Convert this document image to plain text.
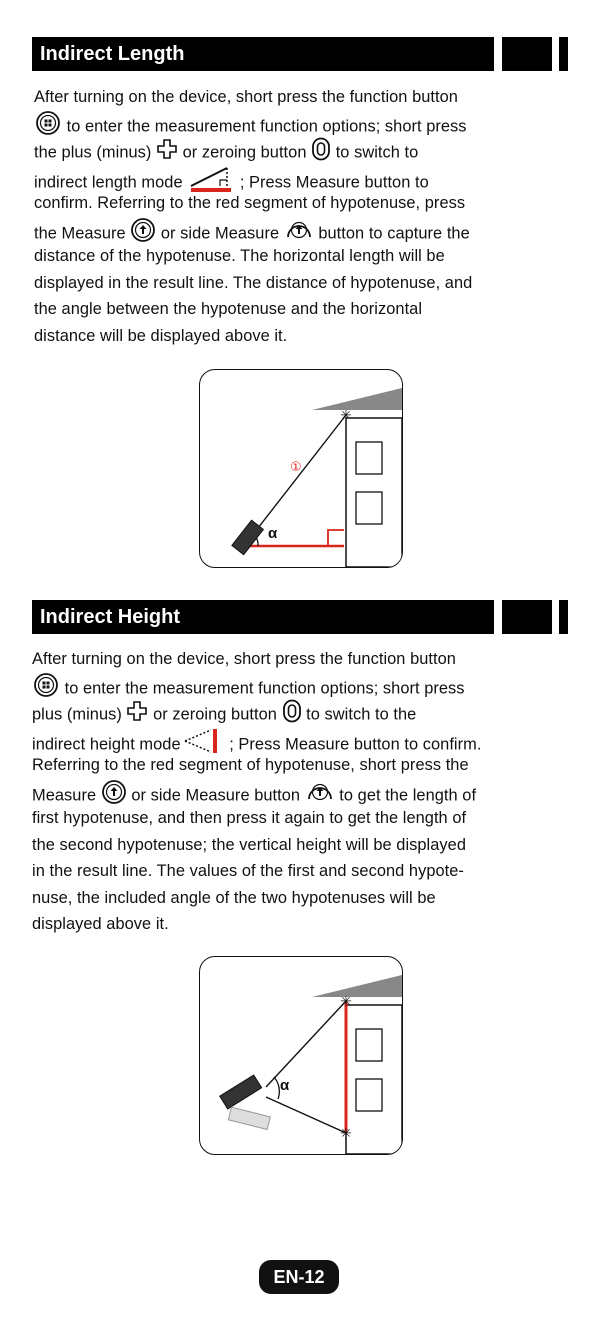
Indirect Length
After turning on the device, short press the function button
to enter the measurement function options; short press
the plus (minus)  or zeroing button  to switch to
indirect length mode	; Press Measure button to
confirm. Referring to the red segment of hypotenuse, press
the Measure  or side Measure  button to capture the
distance of the hypotenuse. The horizontal length will be
displayed in the result line. The distance of hypotenuse, and
the angle between the hypotenuse and the horizontal
distance will be displayed above it.
✳
α
①
Indirect Height
After turning on the device, short press the function button
to enter the measurement function options; short press
plus (minus)  or zeroing button  to switch to the
indirect height mode	; Press Measure button to confirm.
Referring to the red segment of hypotenuse, short press the
Measure  or side Measure button  to get the length of
first hypotenuse, and then press it again to get the length of
the second hypotenuse; the vertical height will be displayed
in the result line. The values of the first and second hypote-
nuse, the included angle of the two hypotenuses will be
displayed above it.
✳
✳
α
EN-12
